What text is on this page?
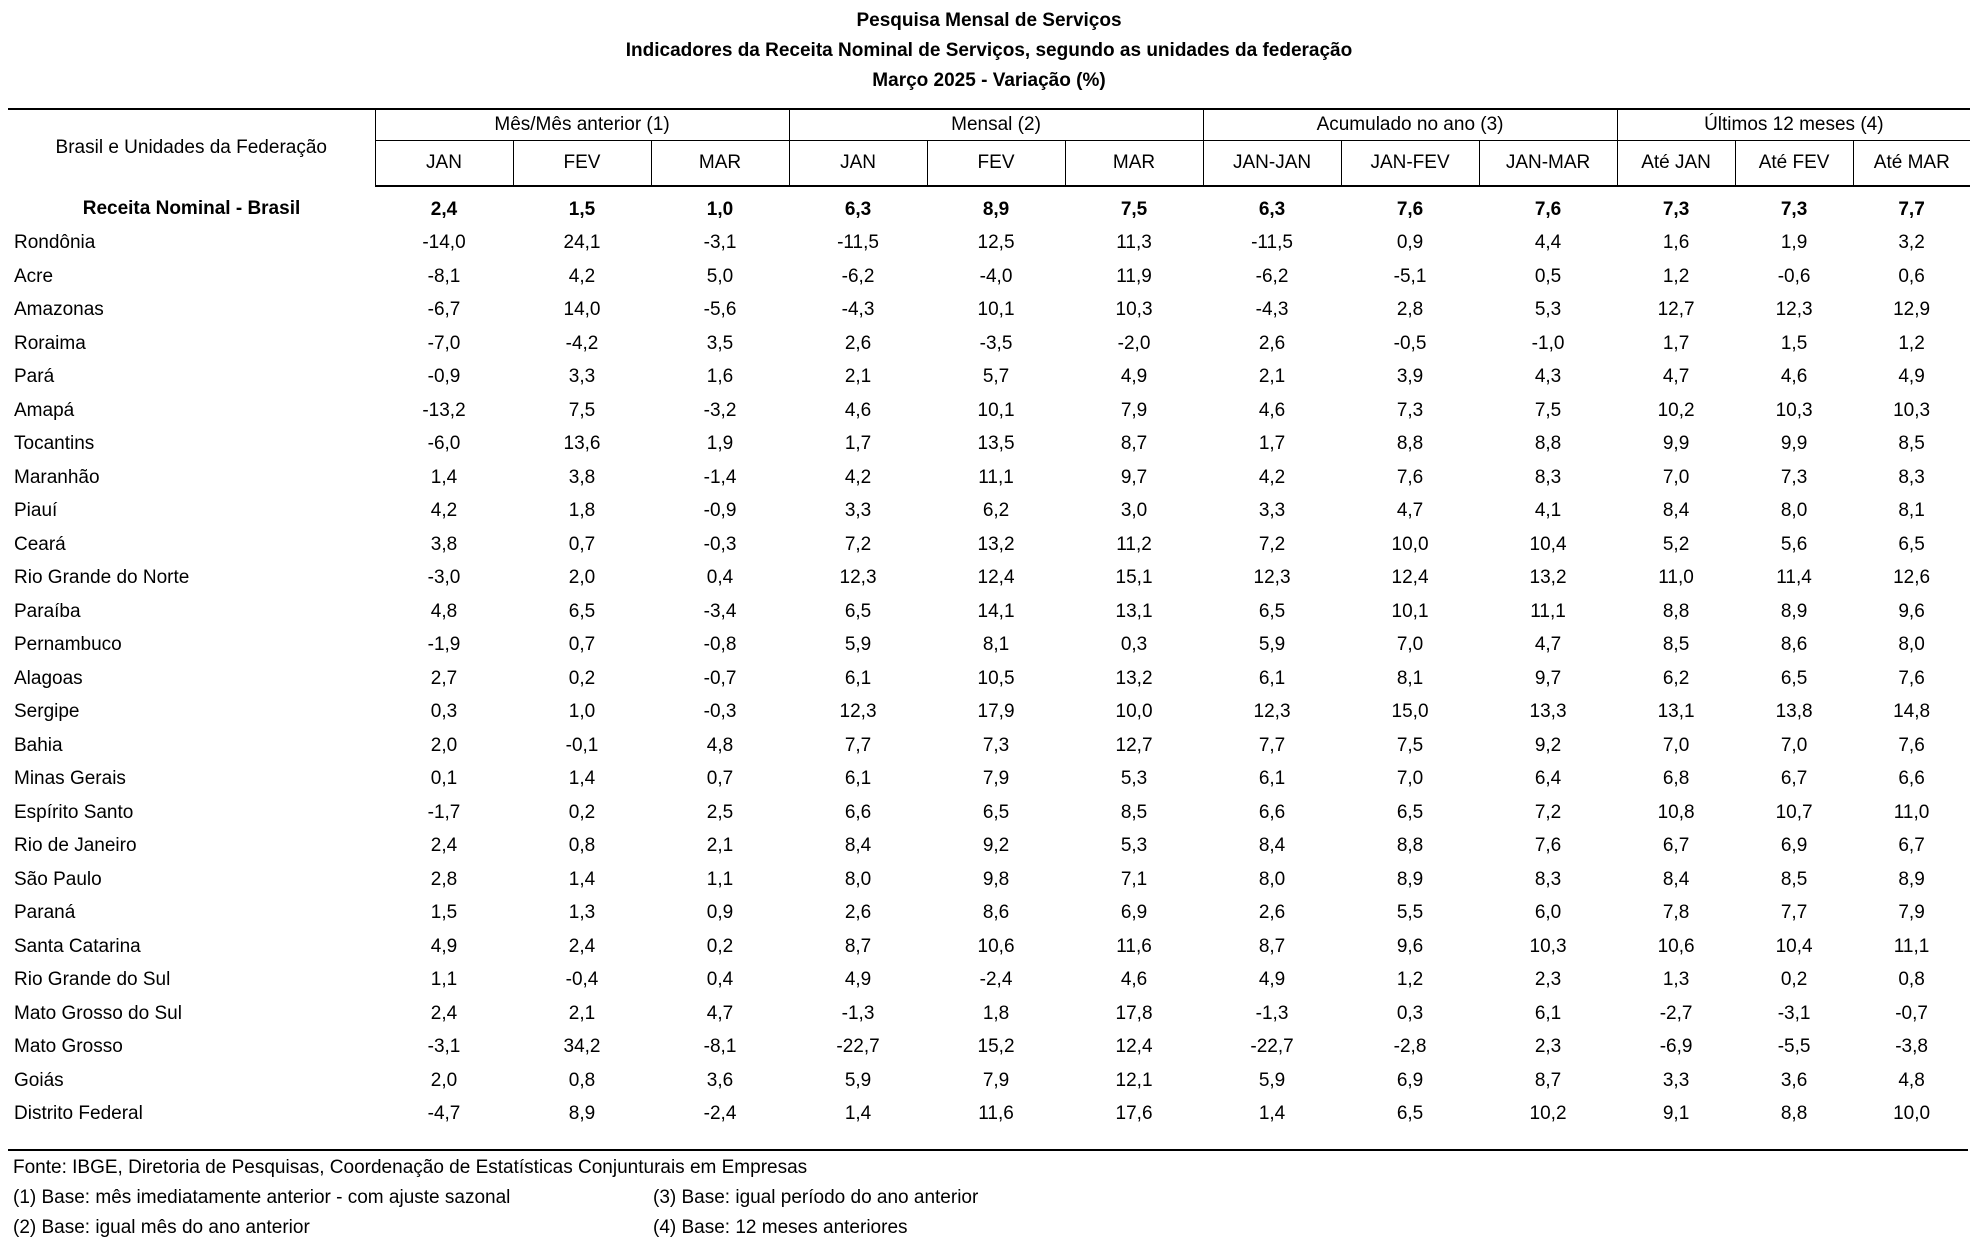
Pesquisa Mensal de Serviços
Indicadores da Receita Nominal de Serviços, segundo as unidades da federação
Março 2025 - Variação (%)
Brasil e Unidades da Federação	Mês/Mês anterior (1)			Mensal (2)			Acumulado no ano (3)			Últimos 12 meses (4)		
	JAN	FEV	MAR	JAN	FEV	MAR	JAN-JAN	JAN-FEV	JAN-MAR	Até JAN	Até FEV	Até MAR
Receita Nominal - Brasil	2,4	1,5	1,0	6,3	8,9	7,5	6,3	7,6	7,6	7,3	7,3	7,7
Rondônia	-14,0	24,1	-3,1	-11,5	12,5	11,3	-11,5	0,9	4,4	1,6	1,9	3,2
Acre	-8,1	4,2	5,0	-6,2	-4,0	11,9	-6,2	-5,1	0,5	1,2	-0,6	0,6
Amazonas	-6,7	14,0	-5,6	-4,3	10,1	10,3	-4,3	2,8	5,3	12,7	12,3	12,9
Roraima	-7,0	-4,2	3,5	2,6	-3,5	-2,0	2,6	-0,5	-1,0	1,7	1,5	1,2
Pará	-0,9	3,3	1,6	2,1	5,7	4,9	2,1	3,9	4,3	4,7	4,6	4,9
Amapá	-13,2	7,5	-3,2	4,6	10,1	7,9	4,6	7,3	7,5	10,2	10,3	10,3
Tocantins	-6,0	13,6	1,9	1,7	13,5	8,7	1,7	8,8	8,8	9,9	9,9	8,5
Maranhão	1,4	3,8	-1,4	4,2	11,1	9,7	4,2	7,6	8,3	7,0	7,3	8,3
Piauí	4,2	1,8	-0,9	3,3	6,2	3,0	3,3	4,7	4,1	8,4	8,0	8,1
Ceará	3,8	0,7	-0,3	7,2	13,2	11,2	7,2	10,0	10,4	5,2	5,6	6,5
Rio Grande do Norte	-3,0	2,0	0,4	12,3	12,4	15,1	12,3	12,4	13,2	11,0	11,4	12,6
Paraíba	4,8	6,5	-3,4	6,5	14,1	13,1	6,5	10,1	11,1	8,8	8,9	9,6
Pernambuco	-1,9	0,7	-0,8	5,9	8,1	0,3	5,9	7,0	4,7	8,5	8,6	8,0
Alagoas	2,7	0,2	-0,7	6,1	10,5	13,2	6,1	8,1	9,7	6,2	6,5	7,6
Sergipe	0,3	1,0	-0,3	12,3	17,9	10,0	12,3	15,0	13,3	13,1	13,8	14,8
Bahia	2,0	-0,1	4,8	7,7	7,3	12,7	7,7	7,5	9,2	7,0	7,0	7,6
Minas Gerais	0,1	1,4	0,7	6,1	7,9	5,3	6,1	7,0	6,4	6,8	6,7	6,6
Espírito Santo	-1,7	0,2	2,5	6,6	6,5	8,5	6,6	6,5	7,2	10,8	10,7	11,0
Rio de Janeiro	2,4	0,8	2,1	8,4	9,2	5,3	8,4	8,8	7,6	6,7	6,9	6,7
São Paulo	2,8	1,4	1,1	8,0	9,8	7,1	8,0	8,9	8,3	8,4	8,5	8,9
Paraná	1,5	1,3	0,9	2,6	8,6	6,9	2,6	5,5	6,0	7,8	7,7	7,9
Santa Catarina	4,9	2,4	0,2	8,7	10,6	11,6	8,7	9,6	10,3	10,6	10,4	11,1
Rio Grande do Sul	1,1	-0,4	0,4	4,9	-2,4	4,6	4,9	1,2	2,3	1,3	0,2	0,8
Mato Grosso do Sul	2,4	2,1	4,7	-1,3	1,8	17,8	-1,3	0,3	6,1	-2,7	-3,1	-0,7
Mato Grosso	-3,1	34,2	-8,1	-22,7	15,2	12,4	-22,7	-2,8	2,3	-6,9	-5,5	-3,8
Goiás	2,0	0,8	3,6	5,9	7,9	12,1	5,9	6,9	8,7	3,3	3,6	4,8
Distrito Federal	-4,7	8,9	-2,4	1,4	11,6	17,6	1,4	6,5	10,2	9,1	8,8	10,0
Fonte: IBGE, Diretoria de Pesquisas, Coordenação de Estatísticas Conjunturais em Empresas
(1) Base: mês imediatamente anterior - com ajuste sazonal	(3) Base: igual período do ano anterior
(2) Base: igual mês do ano anterior	(4) Base: 12 meses anteriores
